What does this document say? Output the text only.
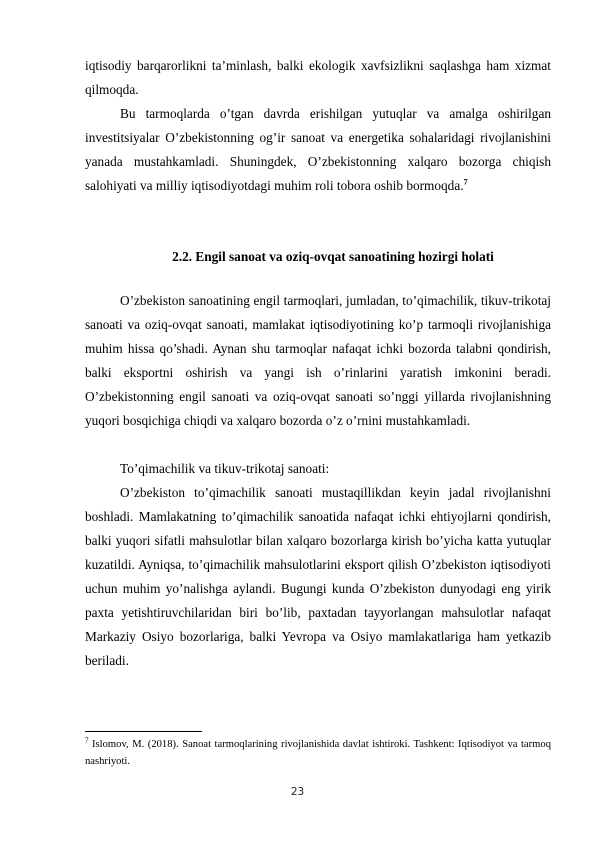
iqtisodiy barqarorlikni ta’minlash, balki ekologik xavfsizlikni saqlashga ham xizmat qilmoqda.

Bu tarmoqlarda o’tgan davrda erishilgan yutuqlar va amalga oshirilgan investitsiyalar O’zbekistonning og’ir sanoat va energetika sohalaridagi rivojlanishini yanada mustahkamladi. Shuningdek, O’zbekistonning xalqaro bozorga chiqish salohiyati va milliy iqtisodiyotdagi muhim roli tobora oshib bormoqda.$^7$

2.2. Engil sanoat va oziq-ovqat sanoatining hozirgi holati

O’zbekiston sanoatining engil tarmoqlari, jumladan, to’qimachilik, tikuv-trikotaj sanoati va oziq-ovqat sanoati, mamlakat iqtisodiyotining ko’p tarmoqli rivojlanishiga muhim hissa qo’shadi. Aynan shu tarmoqlar nafaqat ichki bozorda talabni qondirish, balki eksportni oshirish va yangi ish o’rinlarini yaratish imkonini beradi. O’zbekistonning engil sanoati va oziq-ovqat sanoati so’nggi yillarda rivojlanishning yuqori bosqichiga chiqdi va xalqaro bozorda o’z o’rnini mustahkamladi.

To’qimachilik va tikuv-trikotaj sanoati:

O’zbekiston to’qimachilik sanoati mustaqillikdan keyin jadal rivojlanishni boshladi. Mamlakatning to’qimachilik sanoatida nafaqat ichki ehtiyojlarni qondirish, balki yuqori sifatli mahsulotlar bilan xalqaro bozorlarga kirish bo’yicha katta yutuqlar kuzatildi. Ayniqsa, to’qimachilik mahsulotlarini eksport qilish O’zbekiston iqtisodiyoti uchun muhim yo’nalishga aylandi. Bugungi kunda O’zbekiston dunyodagi eng yirik paxta yetishtiruvchilaridan biri bo’lib, paxtadan tayyorlangan mahsulotlar nafaqat Markaziy Osiyo bozorlariga, balki Yevropa va Osiyo mamlakatlariga ham yetkazib beriladi.

$^7$ Islomov, M. (2018). Sanoat tarmoqlarining rivojlanishida davlat ishtiroki. Tashkent: Iqtisodiyot va tarmoq nashriyoti.

23
